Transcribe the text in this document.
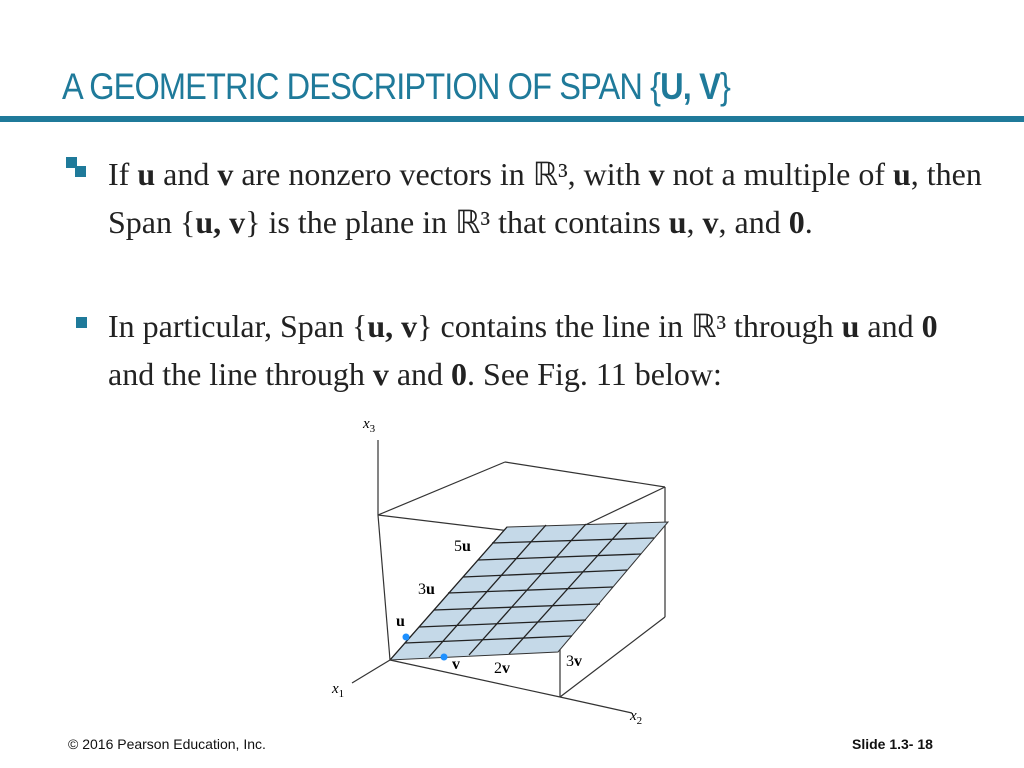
A GEOMETRIC DESCRIPTION OF SPAN {U, V}
If u and v are nonzero vectors in ℝ³, with v not a multiple of u, then Span {u, v} is the plane in ℝ³ that contains u, v, and 0.
In particular, Span {u, v} contains the line in ℝ³ through u and 0 and the line through v and 0. See Fig. 11 below:
$x_3$
$x_1$
$x_2$
5u
3u
u
v 2v	3v
© 2016 Pearson Education, Inc.	Slide 1.3- 18
